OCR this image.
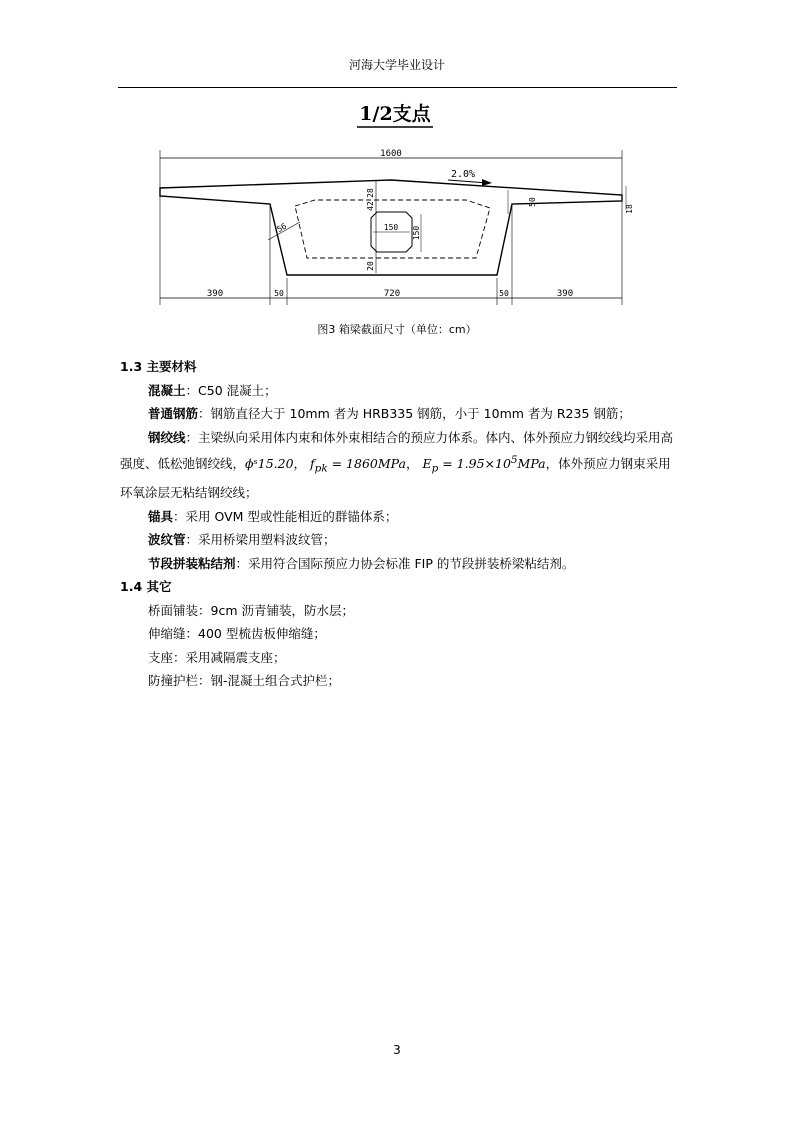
河海大学毕业设计
1/2支点
1600
2.0%
28
42
20
150 150
56
50
18
390	50	720	50	390
图3 箱梁截面尺寸（单位：cm）
1.3 主要材料
混凝土：C50 混凝土；
普通钢筋：钢筋直径大于 10mm 者为 HRB335 钢筋，小于 10mm 者为 R235 钢筋；
钢绞线：主梁纵向采用体内束和体外束相结合的预应力体系。体内、体外预应力钢绞线均采用高强度、低松弛钢绞线，ϕˢ15.20， $f_{pk} = 1860MPa$， $E_p = 1.95\times 10^5MPa$，体外预应力钢束采用环氧涂层无粘结钢绞线；
锚具：采用 OVM 型或性能相近的群锚体系；
波纹管：采用桥梁用塑料波纹管；
节段拼装粘结剂：采用符合国际预应力协会标准 FIP 的节段拼装桥梁粘结剂。
1.4 其它
桥面铺装：9cm 沥青铺装，防水层；
伸缩缝：400 型梳齿板伸缩缝；
支座：采用减隔震支座；
防撞护栏：钢-混凝土组合式护栏；
3
